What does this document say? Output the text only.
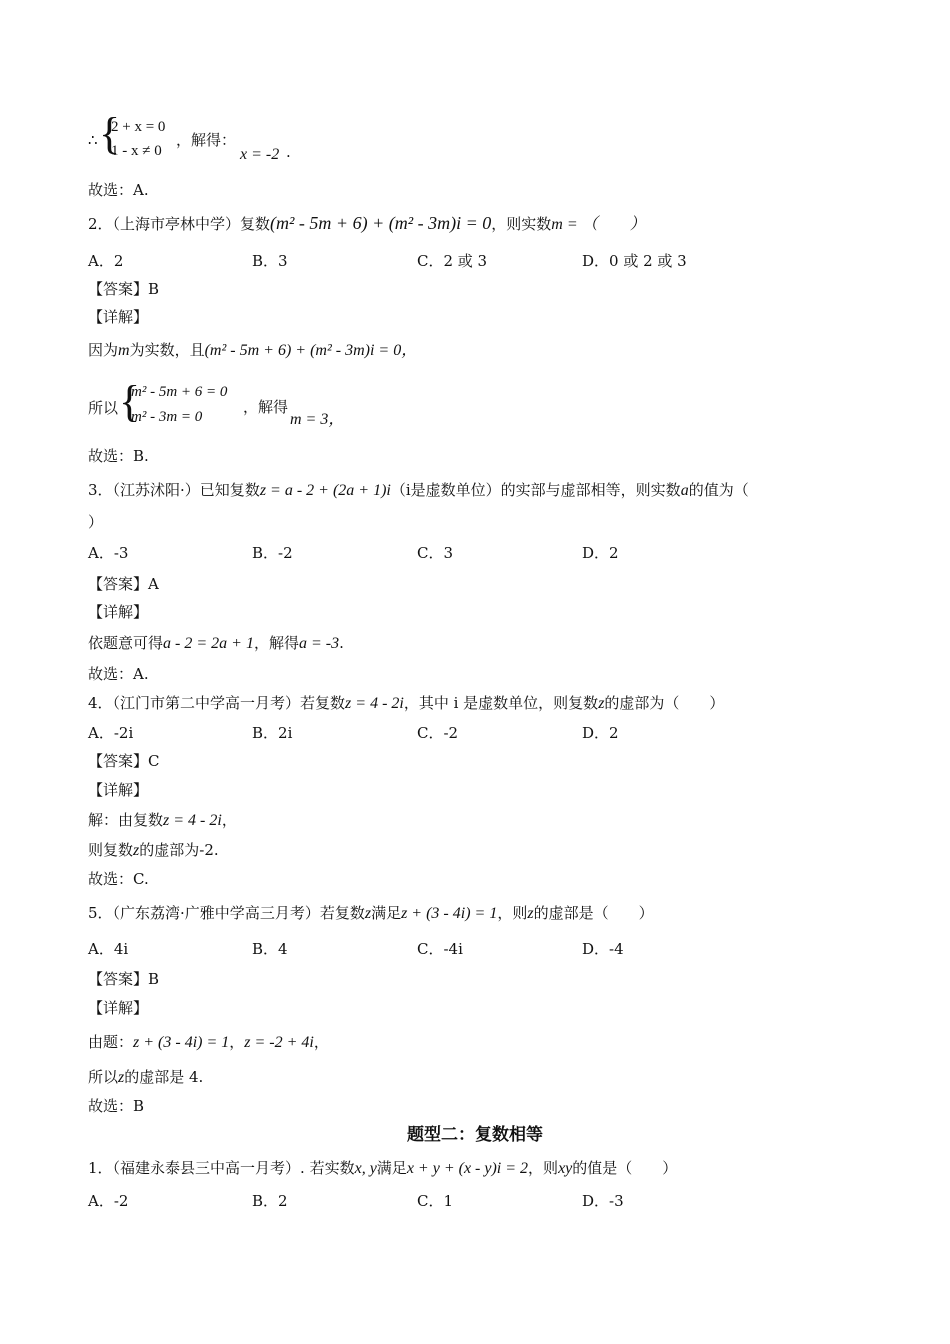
∴ {
2 + x = 0
1 - x ≠ 0
，解得：
x = -2 .
故选：A.
2．（上海市亭林中学）复数(m² - 5m + 6) + (m² - 3m)i = 0，则实数m = （　　）
A．2	B．3	C．2 或 3	D．0 或 2 或 3
【答案】B
【详解】
因为m为实数，且(m² - 5m + 6) + (m² - 3m)i = 0，
所以 {
m² - 5m + 6 = 0
m² - 3m = 0
，解得
m = 3，
故选：B.
3．（江苏沭阳·）已知复数z = a - 2 + (2a + 1)i（i是虚数单位）的实部与虚部相等，则实数a的值为（
）
A．-3	B．-2	C．3	D．2
【答案】A
【详解】
依题意可得a - 2 = 2a + 1，解得a = -3.
故选：A.
4．（江门市第二中学高一月考）若复数z = 4 - 2i，其中 i 是虚数单位，则复数z的虚部为（　　）
A．-2i	B．2i	C．-2	D．2
【答案】C
【详解】
解：由复数z = 4 - 2i，
则复数z的虚部为-2.
故选：C.
5．（广东荔湾·广雅中学高三月考）若复数z满足z + (3 - 4i) = 1，则z的虚部是（　　）
A．4i	B．4	C．-4i	D．-4
【答案】B
【详解】
由题：z + (3 - 4i) = 1，z = -2 + 4i，
所以z的虚部是 4.
故选：B
题型二：复数相等
1．（福建永泰县三中高一月考）. 若实数x, y满足x + y + (x - y)i = 2，则xy的值是（　　）
A．-2	B．2	C．1	D．-3
